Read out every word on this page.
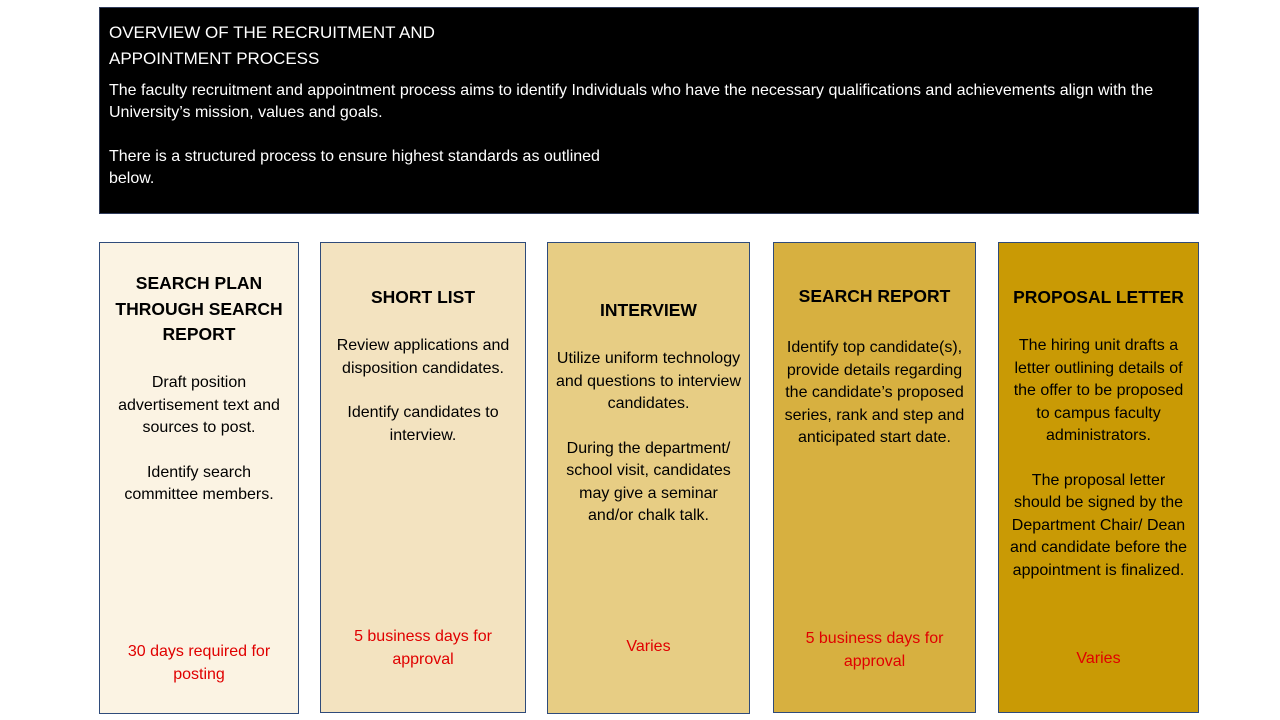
OVERVIEW OF THE RECRUITMENT AND APPOINTMENT PROCESS

The faculty recruitment and appointment process aims to identify Individuals who have the necessary qualifications and achievements align with the University’s mission, values and goals.

There is a structured process to ensure highest standards as outlined below.

SEARCH PLAN THROUGH SEARCH REPORT

Draft position advertisement text and sources to post.

Identify search committee members.

30 days required for posting
SHORT LIST

Review applications and disposition candidates.

Identify candidates to interview.

5 business days for approval
INTERVIEW

Utilize uniform technology and questions to interview candidates.

During the department/ school visit, candidates may give a seminar and/or chalk talk.

Varies
SEARCH REPORT

Identify top candidate(s), provide details regarding the candidate’s proposed series, rank and step and anticipated start date.

5 business days for approval
PROPOSAL LETTER

The hiring unit drafts a letter outlining details of the offer to be proposed to campus faculty administrators.

The proposal letter should be signed by the Department Chair/ Dean and candidate before the appointment is finalized.

Varies
